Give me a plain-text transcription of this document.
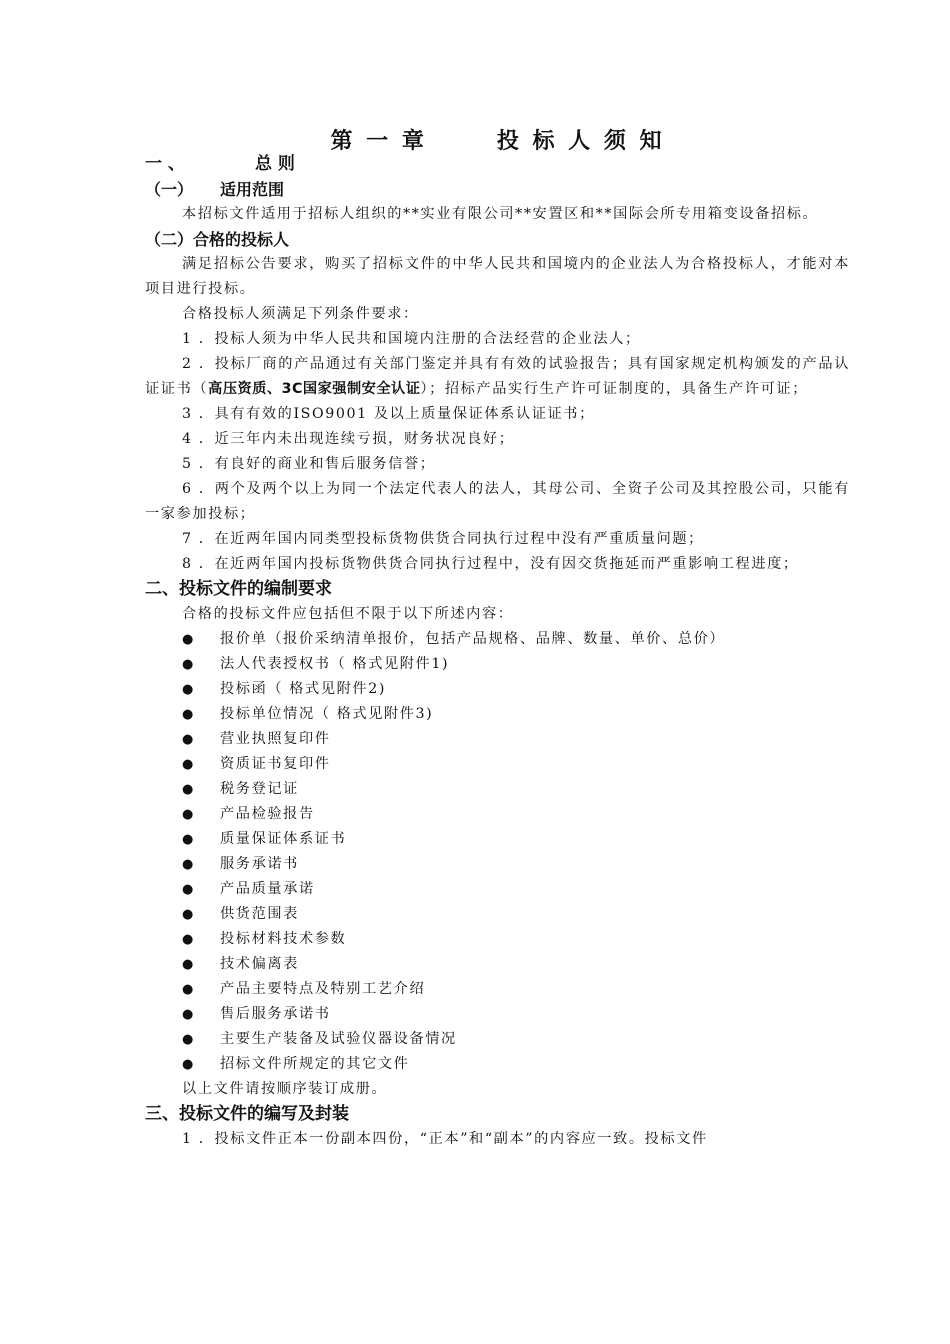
第 一 章	投 标 人 须 知
一 、	总 则
（一） 适用范围
本招标文件适用于招标人组织的**实业有限公司**安置区和**国际会所专用箱变设备招标。
（二）合格的投标人
满足招标公告要求，购买了招标文件的中华人民共和国境内的企业法人为合格投标人，才能对本项目进行投标。
合格投标人须满足下列条件要求：
1 ．投标人须为中华人民共和国境内注册的合法经营的企业法人；
2 ．投标厂商的产品通过有关部门鉴定并具有有效的试验报告；具有国家规定机构颁发的产品认证证书（高压资质、3C国家强制安全认证）；招标产品实行生产许可证制度的，具备生产许可证；
3 ．具有有效的ISO9001 及以上质量保证体系认证证书；
4 ．近三年内未出现连续亏损，财务状况良好；
5 ．有良好的商业和售后服务信誉；
6 ．两个及两个以上为同一个法定代表人的法人，其母公司、全资子公司及其控股公司，只能有一家参加投标；
7 ．在近两年国内同类型投标货物供货合同执行过程中没有严重质量问题；
8 ．在近两年国内投标货物供货合同执行过程中，没有因交货拖延而严重影响工程进度；
二、投标文件的编制要求
合格的投标文件应包括但不限于以下所述内容：
● 报价单（报价采纳清单报价，包括产品规格、品牌、数量、单价、总价）
● 法人代表授权书（ 格式见附件1)
● 投标函（ 格式见附件2)
● 投标单位情况（ 格式见附件3)
● 营业执照复印件
● 资质证书复印件
● 税务登记证
● 产品检验报告
● 质量保证体系证书
● 服务承诺书
● 产品质量承诺
● 供货范围表
● 投标材料技术参数
● 技术偏离表
● 产品主要特点及特别工艺介绍
● 售后服务承诺书
● 主要生产装备及试验仪器设备情况
● 招标文件所规定的其它文件
以上文件请按顺序装订成册。
三、投标文件的编写及封装
1 ．投标文件正本一份副本四份，“正本”和“副本”的内容应一致。投标文件
